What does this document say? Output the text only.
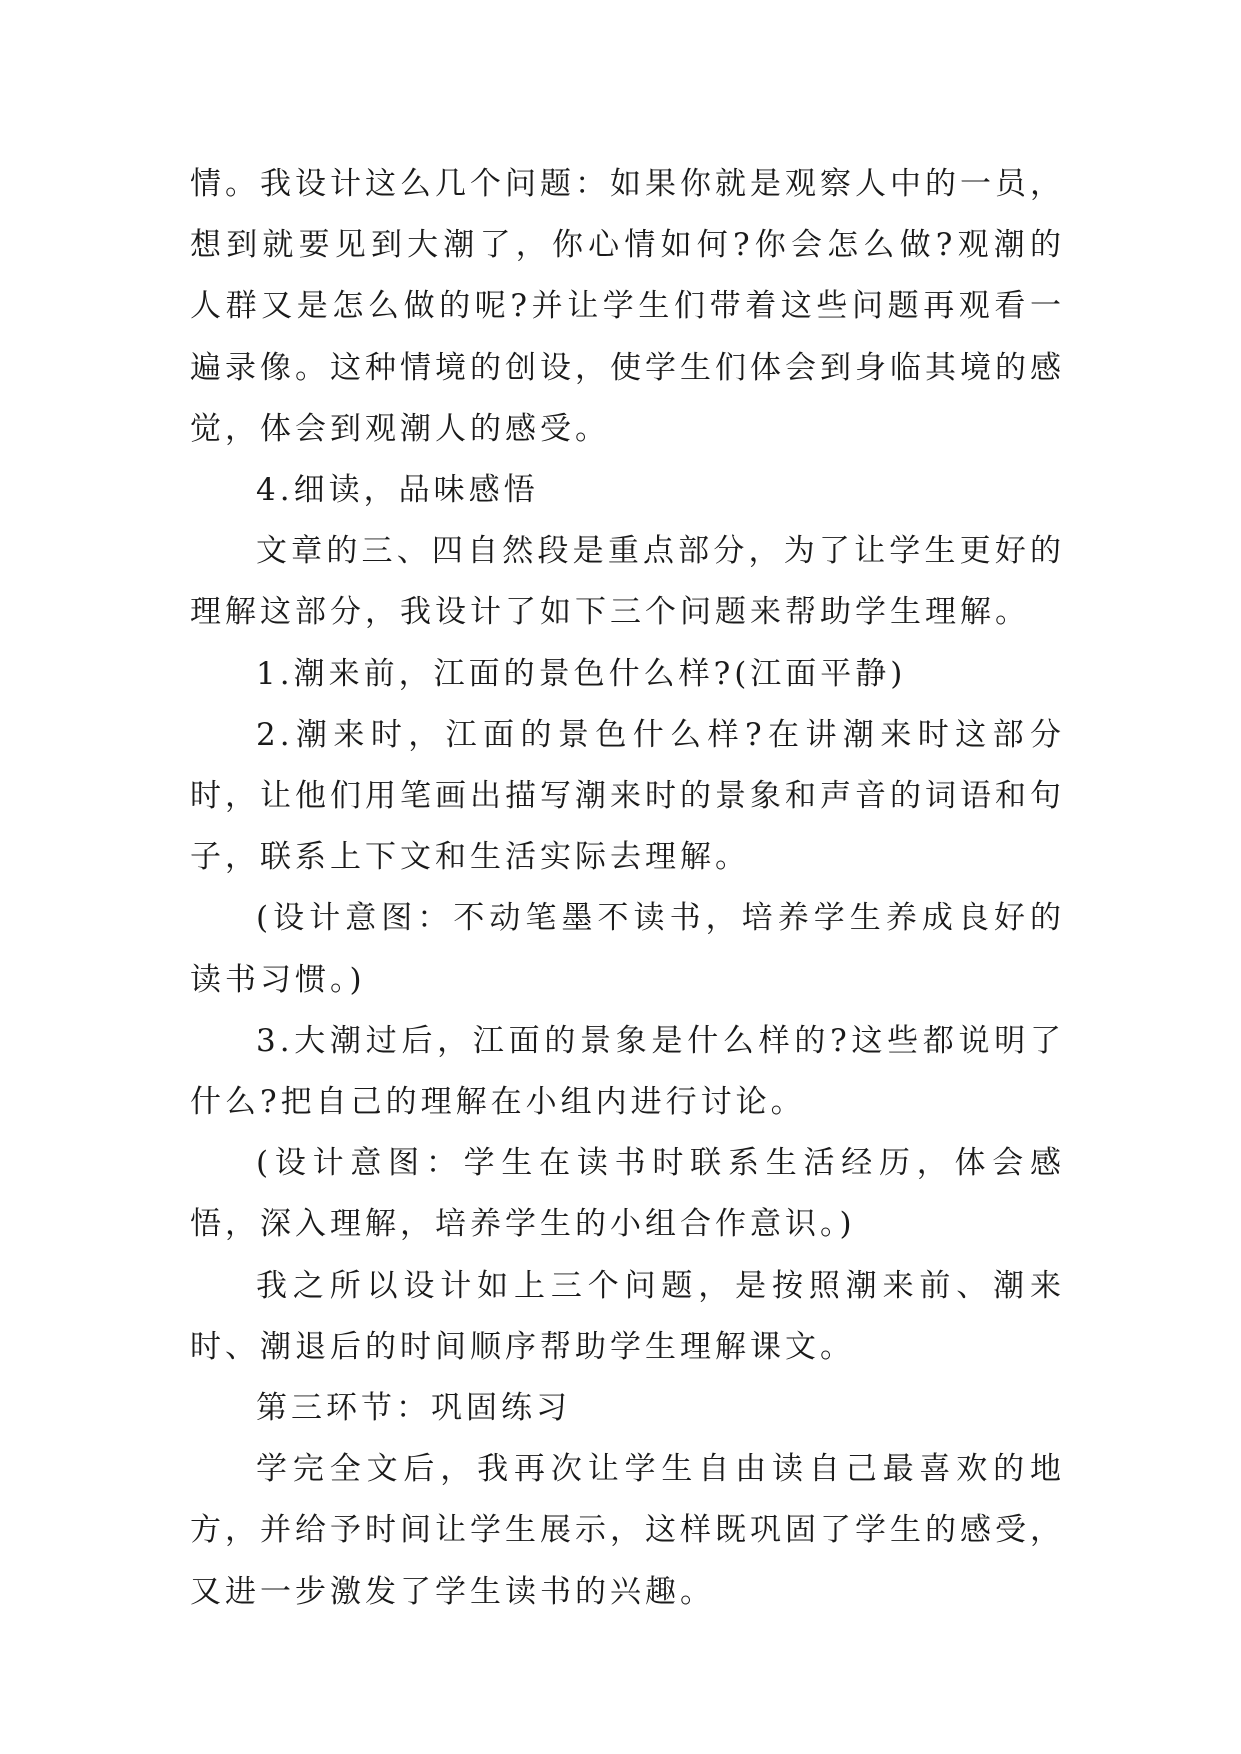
情。我设计这么几个问题：如果你就是观察人中的一员，想到就要见到大潮了，你心情如何?你会怎么做?观潮的人群又是怎么做的呢?并让学生们带着这些问题再观看一遍录像。这种情境的创设，使学生们体会到身临其境的感觉，体会到观潮人的感受。

4.细读，品味感悟

文章的三、四自然段是重点部分，为了让学生更好的理解这部分，我设计了如下三个问题来帮助学生理解。

1.潮来前，江面的景色什么样?(江面平静)

2.潮来时，江面的景色什么样?在讲潮来时这部分时，让他们用笔画出描写潮来时的景象和声音的词语和句子，联系上下文和生活实际去理解。

(设计意图：不动笔墨不读书，培养学生养成良好的读书习惯。)

3.大潮过后，江面的景象是什么样的?这些都说明了什么?把自己的理解在小组内进行讨论。

(设计意图：学生在读书时联系生活经历，体会感悟，深入理解，培养学生的小组合作意识。)

我之所以设计如上三个问题，是按照潮来前、潮来时、潮退后的时间顺序帮助学生理解课文。

第三环节：巩固练习

学完全文后，我再次让学生自由读自己最喜欢的地方，并给予时间让学生展示，这样既巩固了学生的感受，又进一步激发了学生读书的兴趣。
